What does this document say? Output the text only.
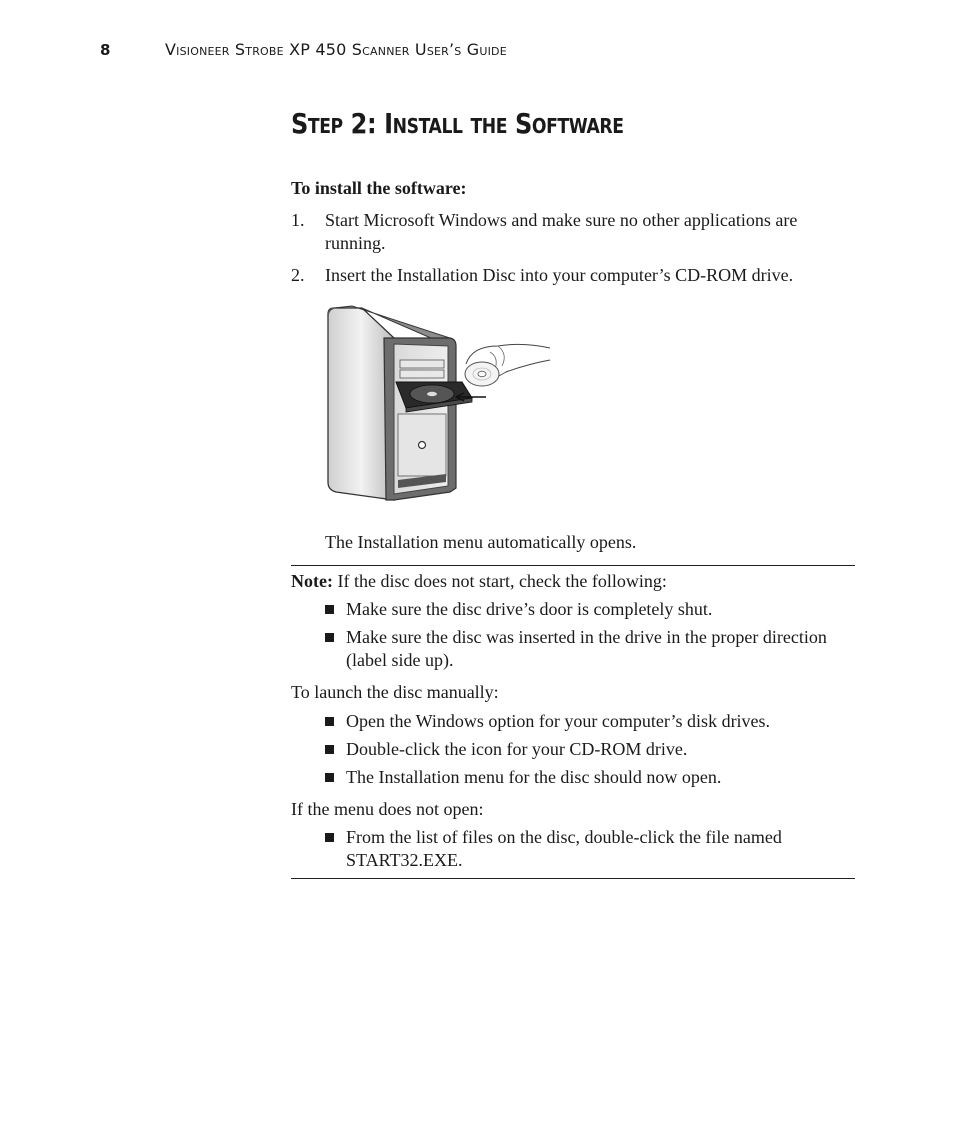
8	Visioneer Strobe XP 450 Scanner User’s Guide
Step 2: Install the Software
To install the software:
1. Start Microsoft Windows and make sure no other applications are running.
2. Insert the Installation Disc into your computer’s CD-ROM drive.
The Installation menu automatically opens.
Note: If the disc does not start, check the following:
Make sure the disc drive’s door is completely shut.
Make sure the disc was inserted in the drive in the proper direction (label side up).
To launch the disc manually:
Open the Windows option for your computer’s disk drives.
Double-click the icon for your CD-ROM drive.
The Installation menu for the disc should now open.
If the menu does not open:
From the list of files on the disc, double-click the file named START32.EXE.
